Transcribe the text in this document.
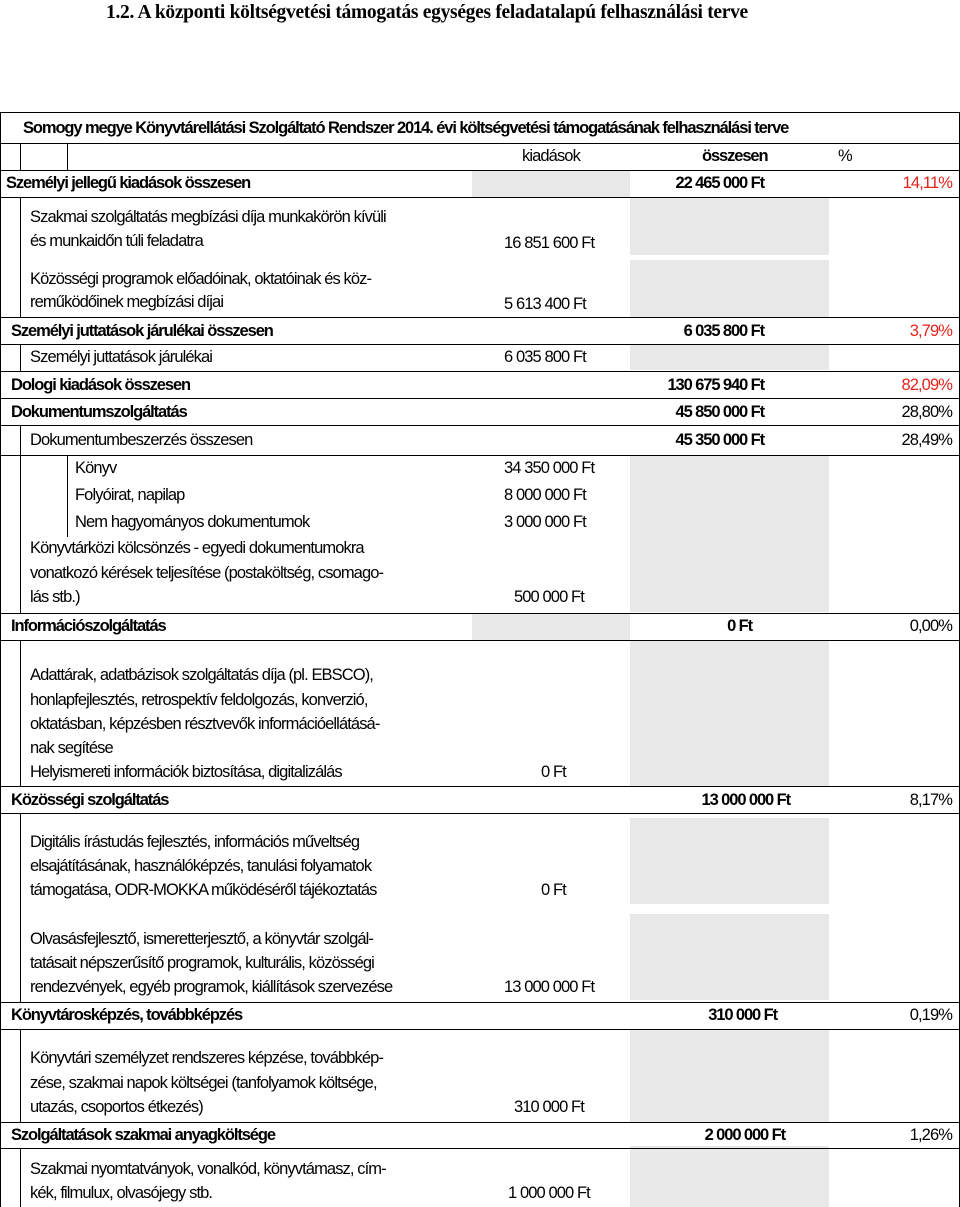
1.2. A központi költségvetési támogatás egységes feladatalapú felhasználási terve
Somogy megye Könyvtárellátási Szolgáltató Rendszer 2014. évi költségvetési támogatásának felhasználási terve
kiadások	összesen	%
Személyi jellegű kiadások összesen	22 465 000 Ft	14,11%
Szakmai szolgáltatás megbízási díja munkakörön kívüli
és munkaidőn túli feladatra	16 851 600 Ft
Közösségi programok előadóinak, oktatóinak és köz-
reműködőinek megbízási díjai	5 613 400 Ft
Személyi juttatások járulékai összesen	6 035 800 Ft	3,79%
Személyi juttatások járulékai	6 035 800 Ft
Dologi kiadások összesen	130 675 940 Ft	82,09%
Dokumentumszolgáltatás	45 850 000 Ft	28,80%
Dokumentumbeszerzés összesen	45 350 000 Ft	28,49%
Könyv	34 350 000 Ft
Folyóirat, napilap	8 000 000 Ft
Nem hagyományos dokumentumok	3 000 000 Ft
Könyvtárközi kölcsönzés - egyedi dokumentumokra
vonatkozó kérések teljesítése (postaköltség, csomago-
lás stb.)	500 000 Ft
Információszolgáltatás	0 Ft	0,00%
Adattárak, adatbázisok szolgáltatás díja (pl. EBSCO),
honlapfejlesztés, retrospektív feldolgozás, konverzió,
oktatásban, képzésben résztvevők információellátásá-
nak segítése
Helyismereti információk biztosítása, digitalizálás	0 Ft
Közösségi szolgáltatás	13 000 000 Ft	8,17%
Digitális írástudás fejlesztés, információs műveltség
elsajátításának, használóképzés, tanulási folyamatok
támogatása, ODR-MOKKA működéséről tájékoztatás	0 Ft
Olvasásfejlesztő, ismeretterjesztő, a könyvtár szolgál-
tatásait népszerűsítő programok, kulturális, közösségi
rendezvények, egyéb programok, kiállítások szervezése	13 000 000 Ft
Könyvtárosképzés, továbbképzés	310 000 Ft	0,19%
Könyvtári személyzet rendszeres képzése, továbbkép-
zése, szakmai napok költségei (tanfolyamok költsége,
utazás, csoportos étkezés)	310 000 Ft
Szolgáltatások szakmai anyagköltsége	2 000 000 Ft	1,26%
Szakmai nyomtatványok, vonalkód, könyvtámasz, cím-
kék, filmulux, olvasójegy stb.	1 000 000 Ft
